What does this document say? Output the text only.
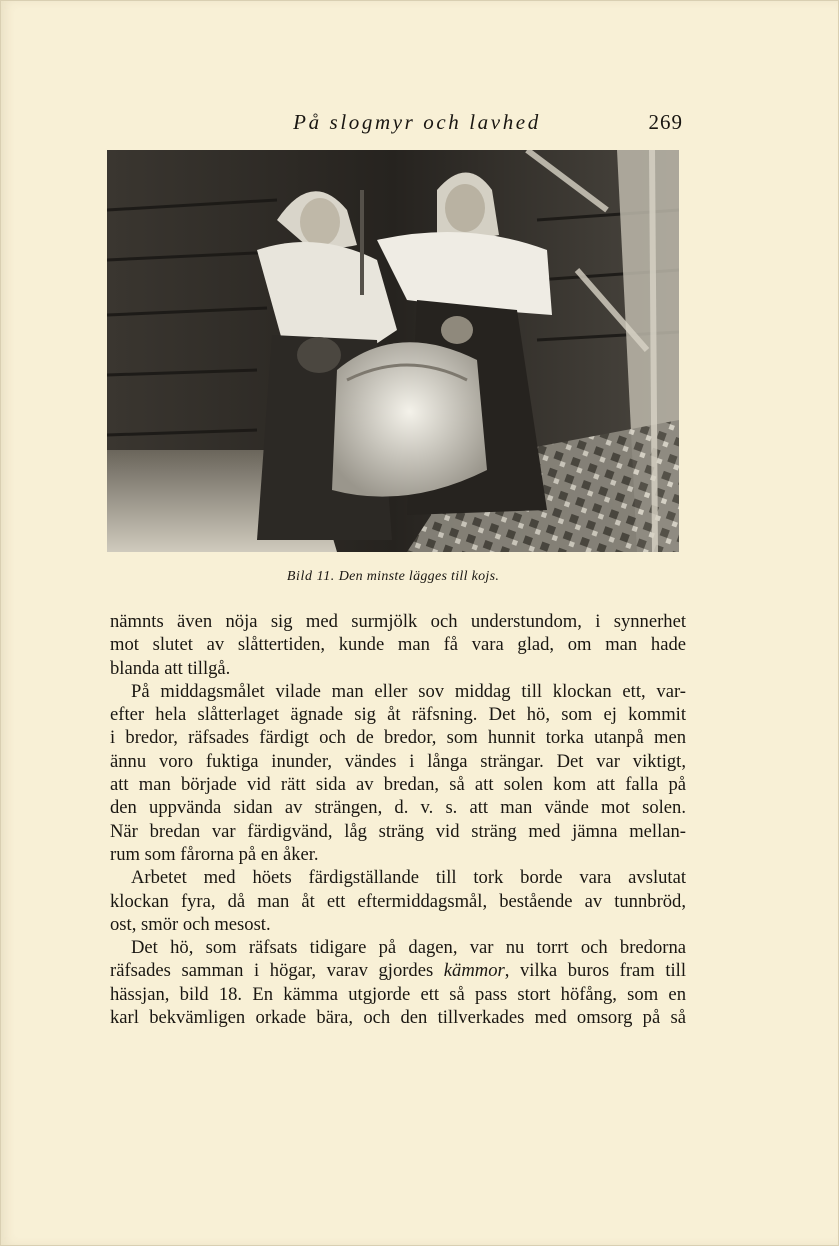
På slogmyr och lavhed	269
Bild 11. Den minste lägges till kojs.
nämnts även nöja sig med surmjölk och understundom, i synnerhet
mot slutet av slåttertiden, kunde man få vara glad, om man hade
blanda att tillgå.
På middagsmålet vilade man eller sov middag till klockan ett, var-
efter hela slåtterlaget ägnade sig åt räfsning. Det hö, som ej kommit
i bredor, räfsades färdigt och de bredor, som hunnit torka utanpå men
ännu voro fuktiga inunder, vändes i långa strängar. Det var viktigt,
att man började vid rätt sida av bredan, så att solen kom att falla på
den uppvända sidan av strängen, d. v. s. att man vände mot solen.
När bredan var färdigvänd, låg sträng vid sträng med jämna mellan-
rum som fårorna på en åker.
Arbetet med höets färdigställande till tork borde vara avslutat
klockan fyra, då man åt ett eftermiddagsmål, bestående av tunnbröd,
ost, smör och mesost.
Det hö, som räfsats tidigare på dagen, var nu torrt och bredorna
räfsades samman i högar, varav gjordes kämmor, vilka buros fram till
hässjan, bild 18. En kämma utgjorde ett så pass stort höfång, som en
karl bekvämligen orkade bära, och den tillverkades med omsorg på så
